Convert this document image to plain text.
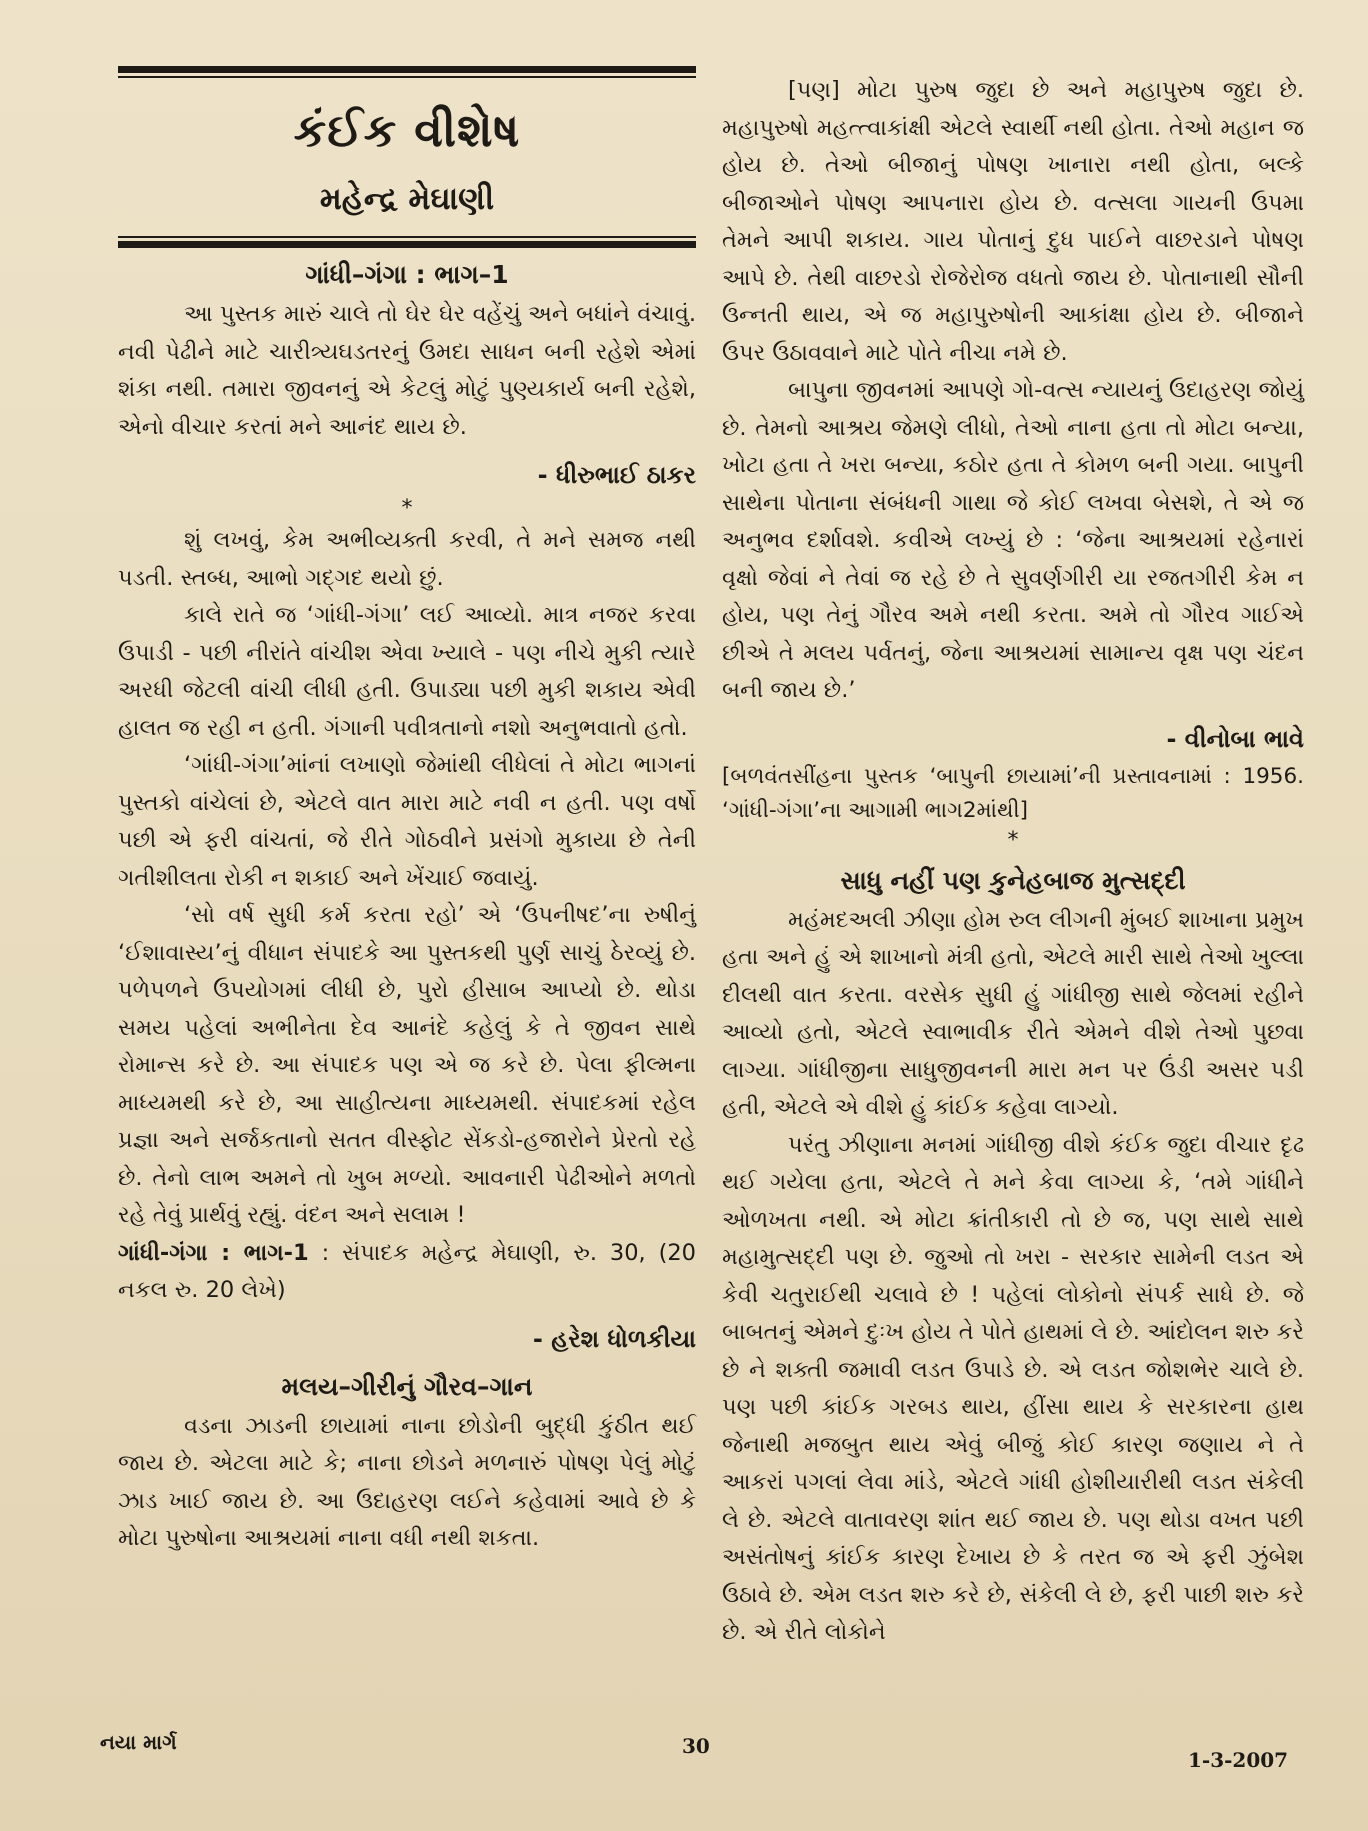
કંઈક વીશેષ
મહેન્દ્ર મેઘાણી
ગાંધી–ગંગા : ભાગ–1

આ પુસ્તક મારું ચાલે તો ઘેર ઘેર વહેંચું અને બધાંને વંચાવું. નવી પેઢીને માટે ચારીત્ર્યઘડતરનું ઉમદા સાધન બની રહેશે એમાં શંકા નથી. તમારા જીવનનું એ કેટલું મોટું પુણ્યકાર્ય બની રહેશે, એનો વીચાર કરતાં મને આનંદ થાય છે.

- ધીરુભાઈ ઠાકર
*

શું લખવું, કેમ અભીવ્યક્તી કરવી, તે મને સમજ નથી પડતી. સ્તબ્ધ, આભો ગદ્‌ગદ થયો છું.

કાલે રાતે જ ‘ગાંધી-ગંગા’ લઈ આવ્યો. માત્ર નજર કરવા ઉપાડી - પછી નીરાંતે વાંચીશ એવા ખ્યાલે - પણ નીચે મુકી ત્યારે અરધી જેટલી વાંચી લીધી હતી. ઉપાડ્યા પછી મુકી શકાય એવી હાલત જ રહી ન હતી. ગંગાની પવીત્રતાનો નશો અનુભવાતો હતો.

‘ગાંધી-ગંગા’માંનાં લખાણો જેમાંથી લીધેલાં તે મોટા ભાગનાં પુસ્તકો વાંચેલાં છે, એટલે વાત મારા માટે નવી ન હતી. પણ વર્ષો પછી એ ફરી વાંચતાં, જે રીતે ગોઠવીને પ્રસંગો મુકાયા છે તેની ગતીશીલતા રોકી ન શકાઈ અને ખેંચાઈ જવાયું.

‘સો વર્ષ સુધી કર્મ કરતા રહો’ એ ‘ઉપનીષદ’ના રુષીનું ‘ઈશાવાસ્ય’નું વીધાન સંપાદકે આ પુસ્તકથી પુર્ણ સાચું ઠેરવ્યું છે. પળેપળને ઉપયોગમાં લીધી છે, પુરો હીસાબ આપ્યો છે. થોડા સમય પહેલાં અભીનેતા દેવ આનંદે કહેલું કે તે જીવન સાથે રોમાન્સ કરે છે. આ સંપાદક પણ એ જ કરે છે. પેલા ફીલ્મના માધ્યમથી કરે છે, આ સાહીત્યના માધ્યમથી. સંપાદકમાં રહેલ પ્રજ્ઞા અને સર્જકતાનો સતત વીસ્ફોટ સેંકડો-હજારોને પ્રેરતો રહે છે. તેનો લાભ અમને તો ખુબ મળ્યો. આવનારી પેઢીઓને મળતો રહે તેવું પ્રાર્થવું રહ્યું. વંદન અને સલામ !

ગાંધી-ગંગા : ભાગ-1 : સંપાદક મહેન્દ્ર મેઘાણી, રુ. 30, (20 નકલ રુ. 20 લેખે)

- હરેશ ધોળકીયા
મલય–ગીરીનું ગૌરવ–ગાન

વડના ઝાડની છાયામાં નાના છોડોની બુદ્ધી કુંઠીત થઈ જાય છે. એટલા માટે કે; નાના છોડને મળનારું પોષણ પેલું મોટું ઝાડ ખાઈ જાય છે. આ ઉદાહરણ લઈને કહેવામાં આવે છે કે મોટા પુરુષોના આશ્રયમાં નાના વધી નથી શકતા.

[પણ] મોટા પુરુષ જુદા છે અને મહાપુરુષ જુદા છે. મહાપુરુષો મહત્ત્વાકાંક્ષી એટલે સ્વાર્થી નથી હોતા. તેઓ મહાન જ હોય છે. તેઓ બીજાનું પોષણ ખાનારા નથી હોતા, બલ્કે બીજાઓને પોષણ આપનારા હોય છે. વત્સલા ગાયની ઉપમા તેમને આપી શકાય. ગાય પોતાનું દુધ પાઈને વાછરડાને પોષણ આપે છે. તેથી વાછરડો રોજેરોજ વધતો જાય છે. પોતાનાથી સૌની ઉન્નતી થાય, એ જ મહાપુરુષોની આકાંક્ષા હોય છે. બીજાને ઉપર ઉઠાવવાને માટે પોતે નીચા નમે છે.

બાપુના જીવનમાં આપણે ગો-વત્સ ન્યાયનું ઉદાહરણ જોયું છે. તેમનો આશ્રય જેમણે લીધો, તેઓ નાના હતા તો મોટા બન્યા, ખોટા હતા તે ખરા બન્યા, કઠોર હતા તે કોમળ બની ગયા. બાપુની સાથેના પોતાના સંબંધની ગાથા જે કોઈ લખવા બેસશે, તે એ જ અનુભવ દર્શાવશે. કવીએ લખ્યું છે : ‘જેના આશ્રયમાં રહેનારાં વૃક્ષો જેવાં ને તેવાં જ રહે છે તે સુવર્ણગીરી યા રજતગીરી કેમ ન હોય, પણ તેનું ગૌરવ અમે નથી કરતા. અમે તો ગૌરવ ગાઈએ છીએ તે મલય પર્વતનું, જેના આશ્રયમાં સામાન્ય વૃક્ષ પણ ચંદન બની જાય છે.’

- વીનોબા ભાવે

[બળવંતસીંહના પુસ્તક ‘બાપુની છાયામાં’ની પ્રસ્તાવનામાં : 1956. ‘ગાંધી-ગંગા’ના આગામી ભાગ2માંથી]

*
સાધુ નહીં પણ કુનેહબાજ મુત્સદ્દી

મહંમદઅલી ઝીણા હોમ રુલ લીગની મુંબઈ શાખાના પ્રમુખ હતા અને હું એ શાખાનો મંત્રી હતો, એટલે મારી સાથે તેઓ ખુલ્લા દીલથી વાત કરતા. વરસેક સુધી હું ગાંધીજી સાથે જેલમાં રહીને આવ્યો હતો, એટલે સ્વાભાવીક રીતે એમને વીશે તેઓ પુછવા લાગ્યા. ગાંધીજીના સાધુજીવનની મારા મન પર ઉંડી અસર પડી હતી, એટલે એ વીશે હું કાંઈક કહેવા લાગ્યો.

પરંતુ ઝીણાના મનમાં ગાંધીજી વીશે કંઈક જુદા વીચાર દૃઢ થઈ ગયેલા હતા, એટલે તે મને કેવા લાગ્યા કે, ‘તમે ગાંધીને ઓળખતા નથી. એ મોટા ક્રાંતીકારી તો છે જ, પણ સાથે સાથે મહામુત્સદ્દી પણ છે. જુઓ તો ખરા - સરકાર સામેની લડત એ કેવી ચતુરાઈથી ચલાવે છે ! પહેલાં લોકોનો સંપર્ક સાધે છે. જે બાબતનું એમને દુઃખ હોય તે પોતે હાથમાં લે છે. આંદોલન શરુ કરે છે ને શક્તી જમાવી લડત ઉપાડે છે. એ લડત જોશભેર ચાલે છે. પણ પછી કાંઈક ગરબડ થાય, હીંસા થાય કે સરકારના હાથ જેનાથી મજબુત થાય એવું બીજું કોઈ કારણ જણાય ને તે આકરાં પગલાં લેવા માંડે, એટલે ગાંધી હોશીયારીથી લડત સંકેલી લે છે. એટલે વાતાવરણ શાંત થઈ જાય છે. પણ થોડા વખત પછી અસંતોષનું કાંઈક કારણ દેખાય છે કે તરત જ એ ફરી ઝુંબેશ ઉઠાવે છે. એમ લડત શરુ કરે છે, સંકેલી લે છે, ફરી પાછી શરુ કરે છે. એ રીતે લોકોને

નયા માર્ગ	30
1-3-2007
